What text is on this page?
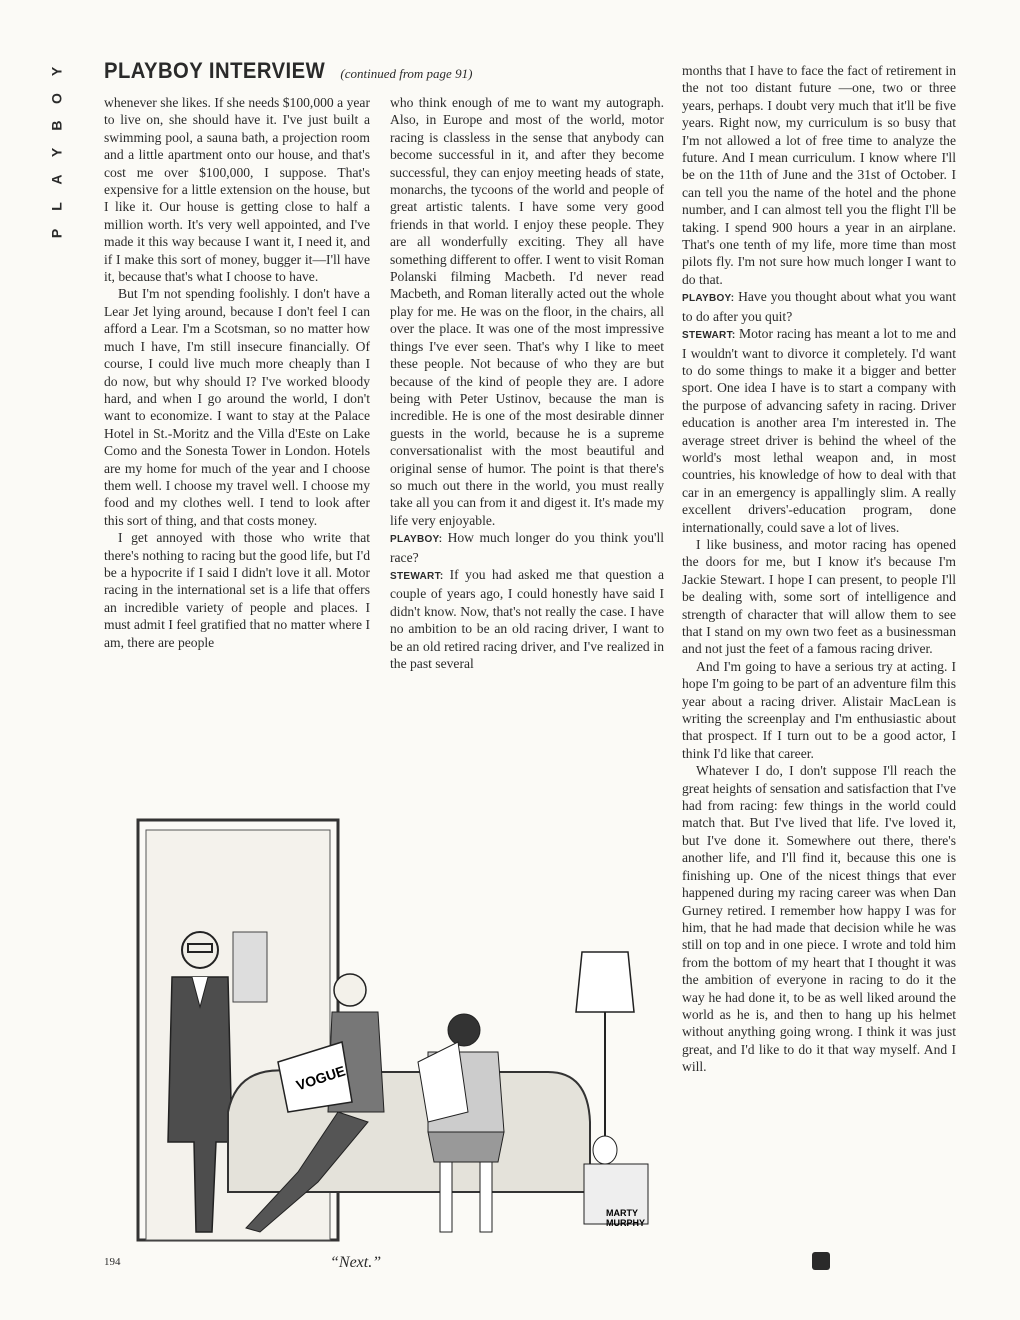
Y
O
B
Y
A
L
P
PLAYBOY INTERVIEW (continued from page 91)

whenever she likes. If she needs $100,000 a year to live on, she should have it. I've just built a swimming pool, a sauna bath, a projection room and a little apartment onto our house, and that's cost me over $100,000, I suppose. That's expensive for a little extension on the house, but I like it. Our house is getting close to half a million worth. It's very well appointed, and I've made it this way because I want it, I need it, and if I make this sort of money, bugger it—I'll have it, because that's what I choose to have.

But I'm not spending foolishly. I don't have a Lear Jet lying around, because I don't feel I can afford a Lear. I'm a Scotsman, so no matter how much I have, I'm still insecure financially. Of course, I could live much more cheaply than I do now, but why should I? I've worked bloody hard, and when I go around the world, I don't want to economize. I want to stay at the Palace Hotel in St.-Moritz and the Villa d'Este on Lake Como and the Sonesta Tower in London. Hotels are my home for much of the year and I choose them well. I choose my travel well. I choose my food and my clothes well. I tend to look after this sort of thing, and that costs money.

I get annoyed with those who write that there's nothing to racing but the good life, but I'd be a hypocrite if I said I didn't love it all. Motor racing in the international set is a life that offers an incredible variety of people and places. I must admit I feel gratified that no matter where I am, there are people

who think enough of me to want my autograph. Also, in Europe and most of the world, motor racing is classless in the sense that anybody can become successful in it, and after they become successful, they can enjoy meeting heads of state, monarchs, the tycoons of the world and people of great artistic talents. I have some very good friends in that world. I enjoy these people. They are all wonderfully exciting. They all have something different to offer. I went to visit Roman Polanski filming Macbeth. I'd never read Macbeth, and Roman literally acted out the whole play for me. He was on the floor, in the chairs, all over the place. It was one of the most impressive things I've ever seen. That's why I like to meet these people. Not because of who they are but because of the kind of people they are. I adore being with Peter Ustinov, because the man is incredible. He is one of the most desirable dinner guests in the world, because he is a supreme conversationalist with the most beautiful and original sense of humor. The point is that there's so much out there in the world, you must really take all you can from it and digest it. It's made my life very enjoyable.

PLAYBOY: How much longer do you think you'll race?

STEWART: If you had asked me that question a couple of years ago, I could honestly have said I didn't know. Now, that's not really the case. I have no ambition to be an old racing driver, I want to be an old retired racing driver, and I've realized in the past several

months that I have to face the fact of retirement in the not too distant future —one, two or three years, perhaps. I doubt very much that it'll be five years. Right now, my curriculum is so busy that I'm not allowed a lot of free time to analyze the future. And I mean curriculum. I know where I'll be on the 11th of June and the 31st of October. I can tell you the name of the hotel and the phone number, and I can almost tell you the flight I'll be taking. I spend 900 hours a year in an airplane. That's one tenth of my life, more time than most pilots fly. I'm not sure how much longer I want to do that.

PLAYBOY: Have you thought about what you want to do after you quit?

STEWART: Motor racing has meant a lot to me and I wouldn't want to divorce it completely. I'd want to do some things to make it a bigger and better sport. One idea I have is to start a company with the purpose of advancing safety in racing. Driver education is another area I'm interested in. The average street driver is behind the wheel of the world's most lethal weapon and, in most countries, his knowledge of how to deal with that car in an emergency is appallingly slim. A really excellent drivers'-education program, done internationally, could save a lot of lives.

I like business, and motor racing has opened the doors for me, but I know it's because I'm Jackie Stewart. I hope I can present, to people I'll be dealing with, some sort of intelligence and strength of character that will allow them to see that I stand on my own two feet as a businessman and not just the feet of a famous racing driver.

And I'm going to have a serious try at acting. I hope I'm going to be part of an adventure film this year about a racing driver. Alistair MacLean is writing the screenplay and I'm enthusiastic about that prospect. If I turn out to be a good actor, I think I'd like that career.

Whatever I do, I don't suppose I'll reach the great heights of sensation and satisfaction that I've had from racing: few things in the world could match that. But I've lived that life. I've loved it, but I've done it. Somewhere out there, there's another life, and I'll find it, because this one is finishing up. One of the nicest things that ever happened during my racing career was when Dan Gurney retired. I remember how happy I was for him, that he had made that decision while he was still on top and in one piece. I wrote and told him from the bottom of my heart that I thought it was the ambition of everyone in racing to do it the way he had done it, to be as well liked around the world as he is, and then to hang up his helmet without anything going wrong. I think it was just great, and I'd like to do it that way myself. And I will.

VOGUE
MARTY
MURPHY
“Next.”
194
